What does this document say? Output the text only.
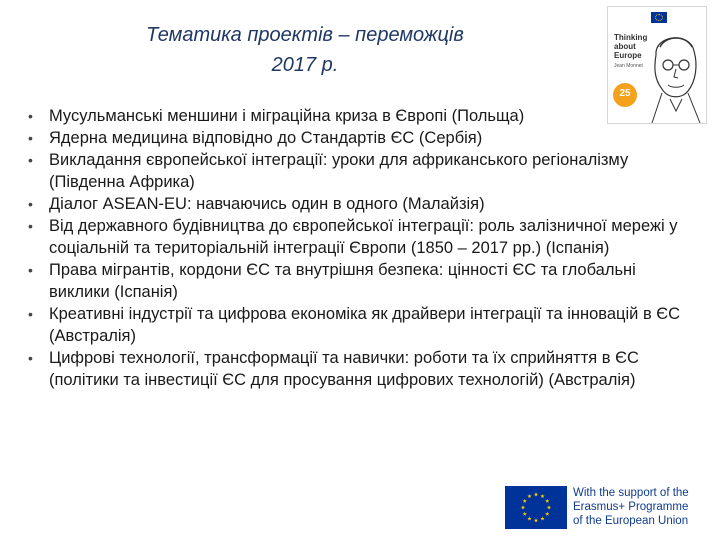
Тематика проектів – переможців
2017 р.
Thinking about Europe
Jean Monnet
25
• Мусульманські меншини і міграційна криза в Європі (Польща)
• Ядерна медицина відповідно до Стандартів ЄС (Сербія)
• Викладання європейської інтеграції: уроки для африканського регіоналізму (Південна Африка)
• Діалог ASEAN-EU: навчаючись один в одного (Малайзія)
• Від державного будівництва до європейської інтеграції: роль залізничної мережі у соціальній та територіальній інтеграції Європи (1850 – 2017 рр.) (Іспанія)
• Права мігрантів, кордони ЄС та внутрішня безпека: цінності ЄС та глобальні виклики (Іспанія)
• Креативні індустрії та цифрова економіка як драйвери інтеграції та інновацій в ЄС (Австралія)
• Цифрові технології, трансформації та навички: роботи та їх сприйняття в ЄС (політики та інвестиції ЄС для просування цифрових технологій) (Австралія)
With the support of the
Erasmus+ Programme
of the European Union
